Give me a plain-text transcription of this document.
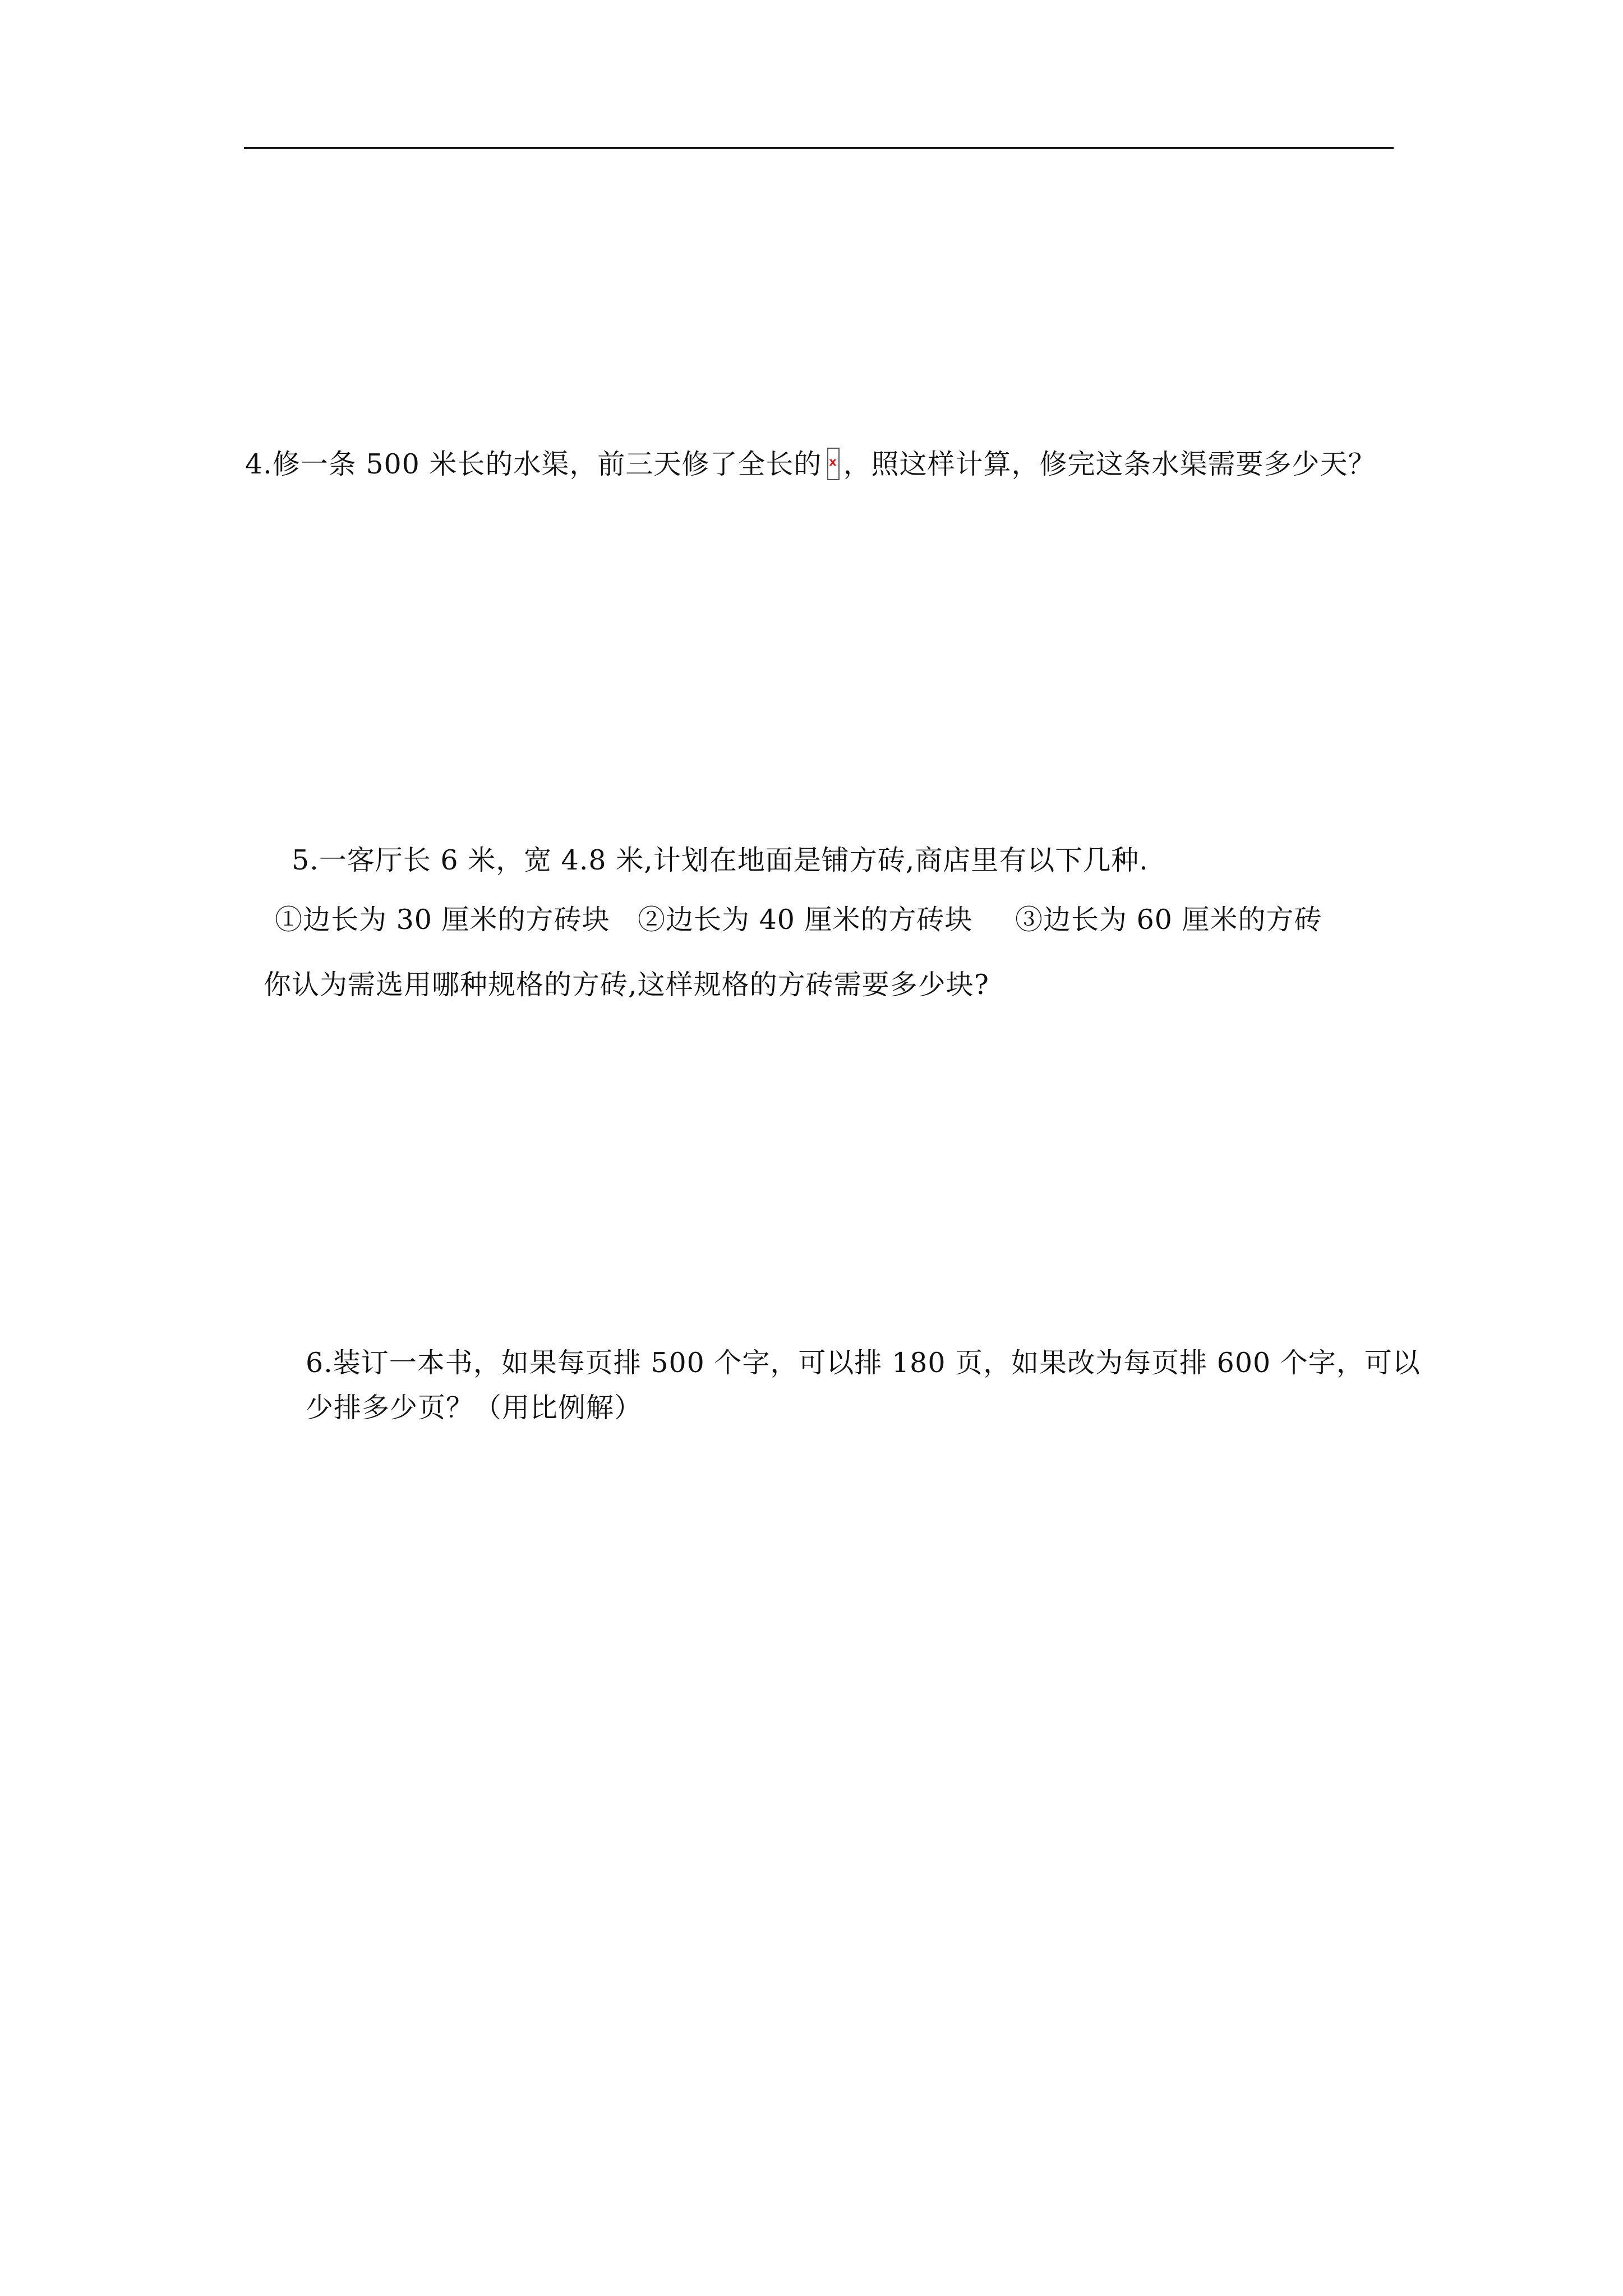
4.修一条 500 米长的水渠，前三天修了全长的 x ，照这样计算，修完这条水渠需要多少天？
5.一客厅长 6 米，宽 4.8 米,计划在地面是铺方砖,商店里有以下几种.
①边长为 30 厘米的方砖块 ②边长为 40 厘米的方砖块 ③边长为 60 厘米的方砖
你认为需选用哪种规格的方砖,这样规格的方砖需要多少块?
6.装订一本书，如果每页排 500 个字，可以排 180 页，如果改为每页排 600 个字，可以
少排多少页？（用比例解）
